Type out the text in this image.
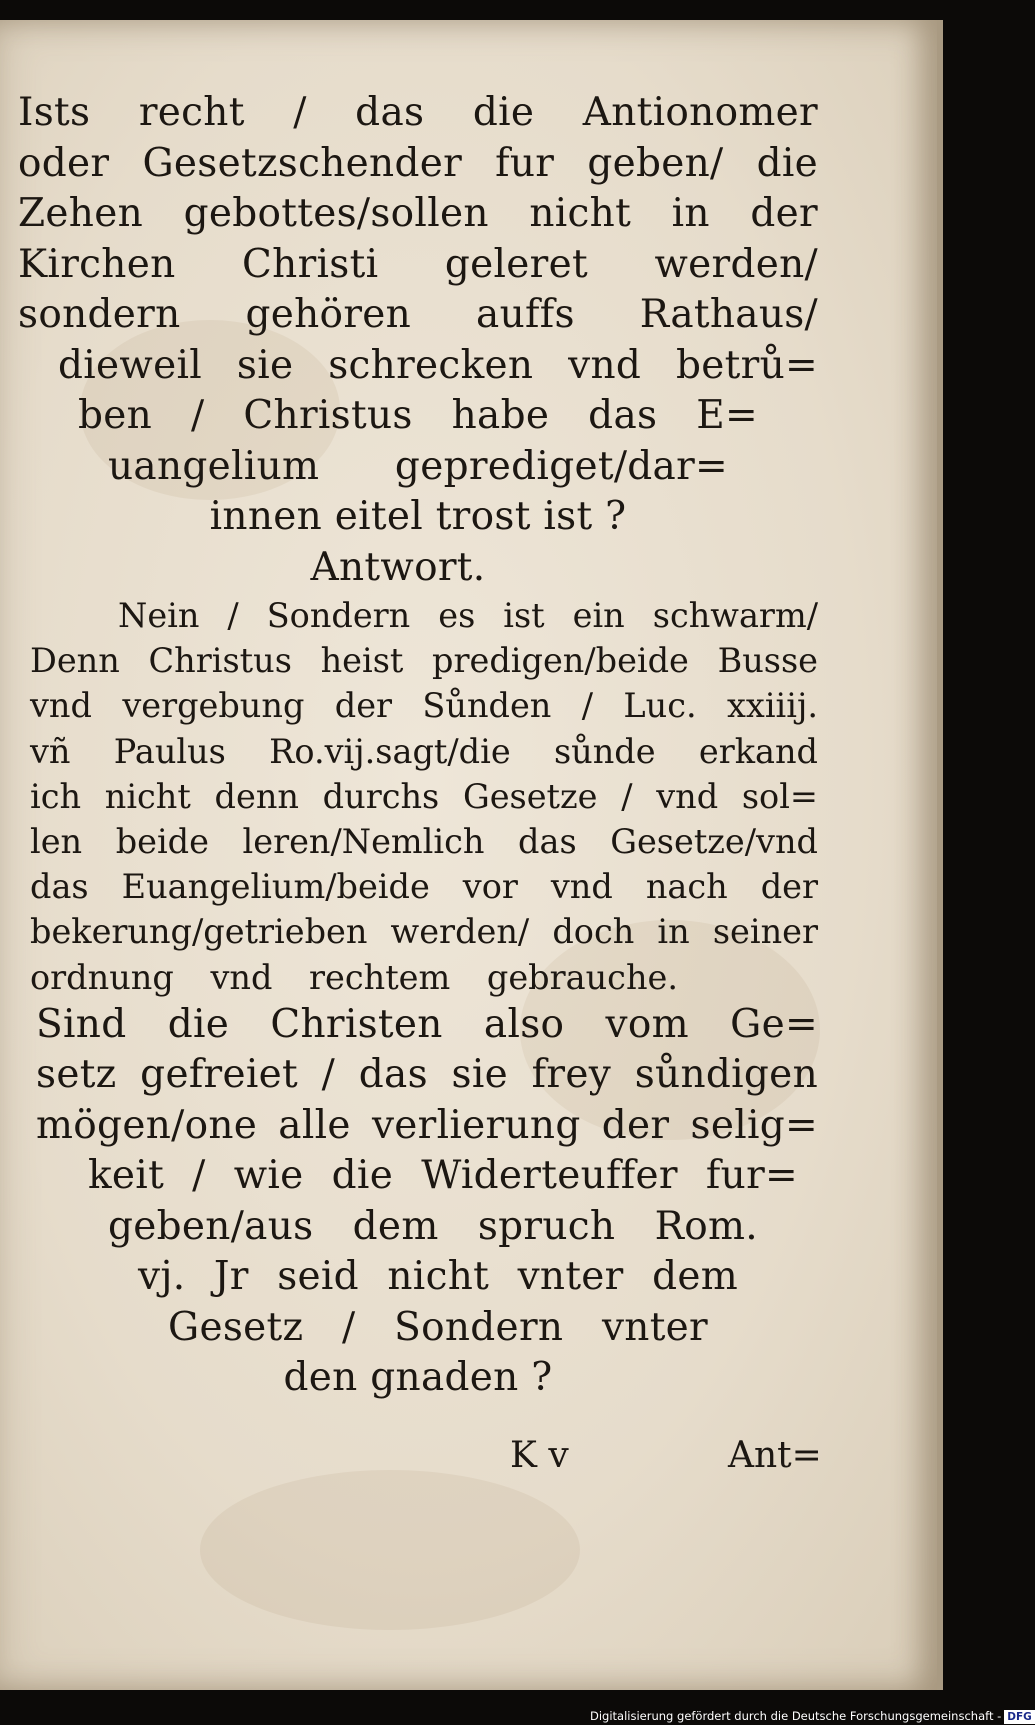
Ists recht / das die Antionomer
oder Gesetzschender fur geben/ die
Zehen gebottes/sollen nicht in der
Kirchen Christi geleret werden/
sondern gehören auffs Rathaus/
dieweil sie schrecken vnd betrů=
ben / Christus habe das E=
uangelium geprediget/dar=
innen eitel trost ist ?
Antwort.
Nein / Sondern es ist ein schwarm/
Denn Christus heist predigen/beide Busse
vnd vergebung der Sůnden / Luc. xxiiij.
vñ Paulus Ro.vij.sagt/die sůnde erkand
ich nicht denn durchs Gesetze / vnd sol=
len beide leren/Nemlich das Gesetze/vnd
das Euangelium/beide vor vnd nach der
bekerung/getrieben werden/ doch in seiner
ordnung vnd rechtem gebrauche.
Sind die Christen also vom Ge=
setz gefreiet / das sie frey sůndigen
mögen/one alle verlierung der selig=
keit / wie die Widerteuffer fur=
geben/aus dem spruch Rom.
vj. Jr seid nicht vnter dem
Gesetz / Sondern vnter
den gnaden ?
K v	Ant=
Digitalisierung gefördert durch die Deutsche Forschungsgemeinschaft - DFG
